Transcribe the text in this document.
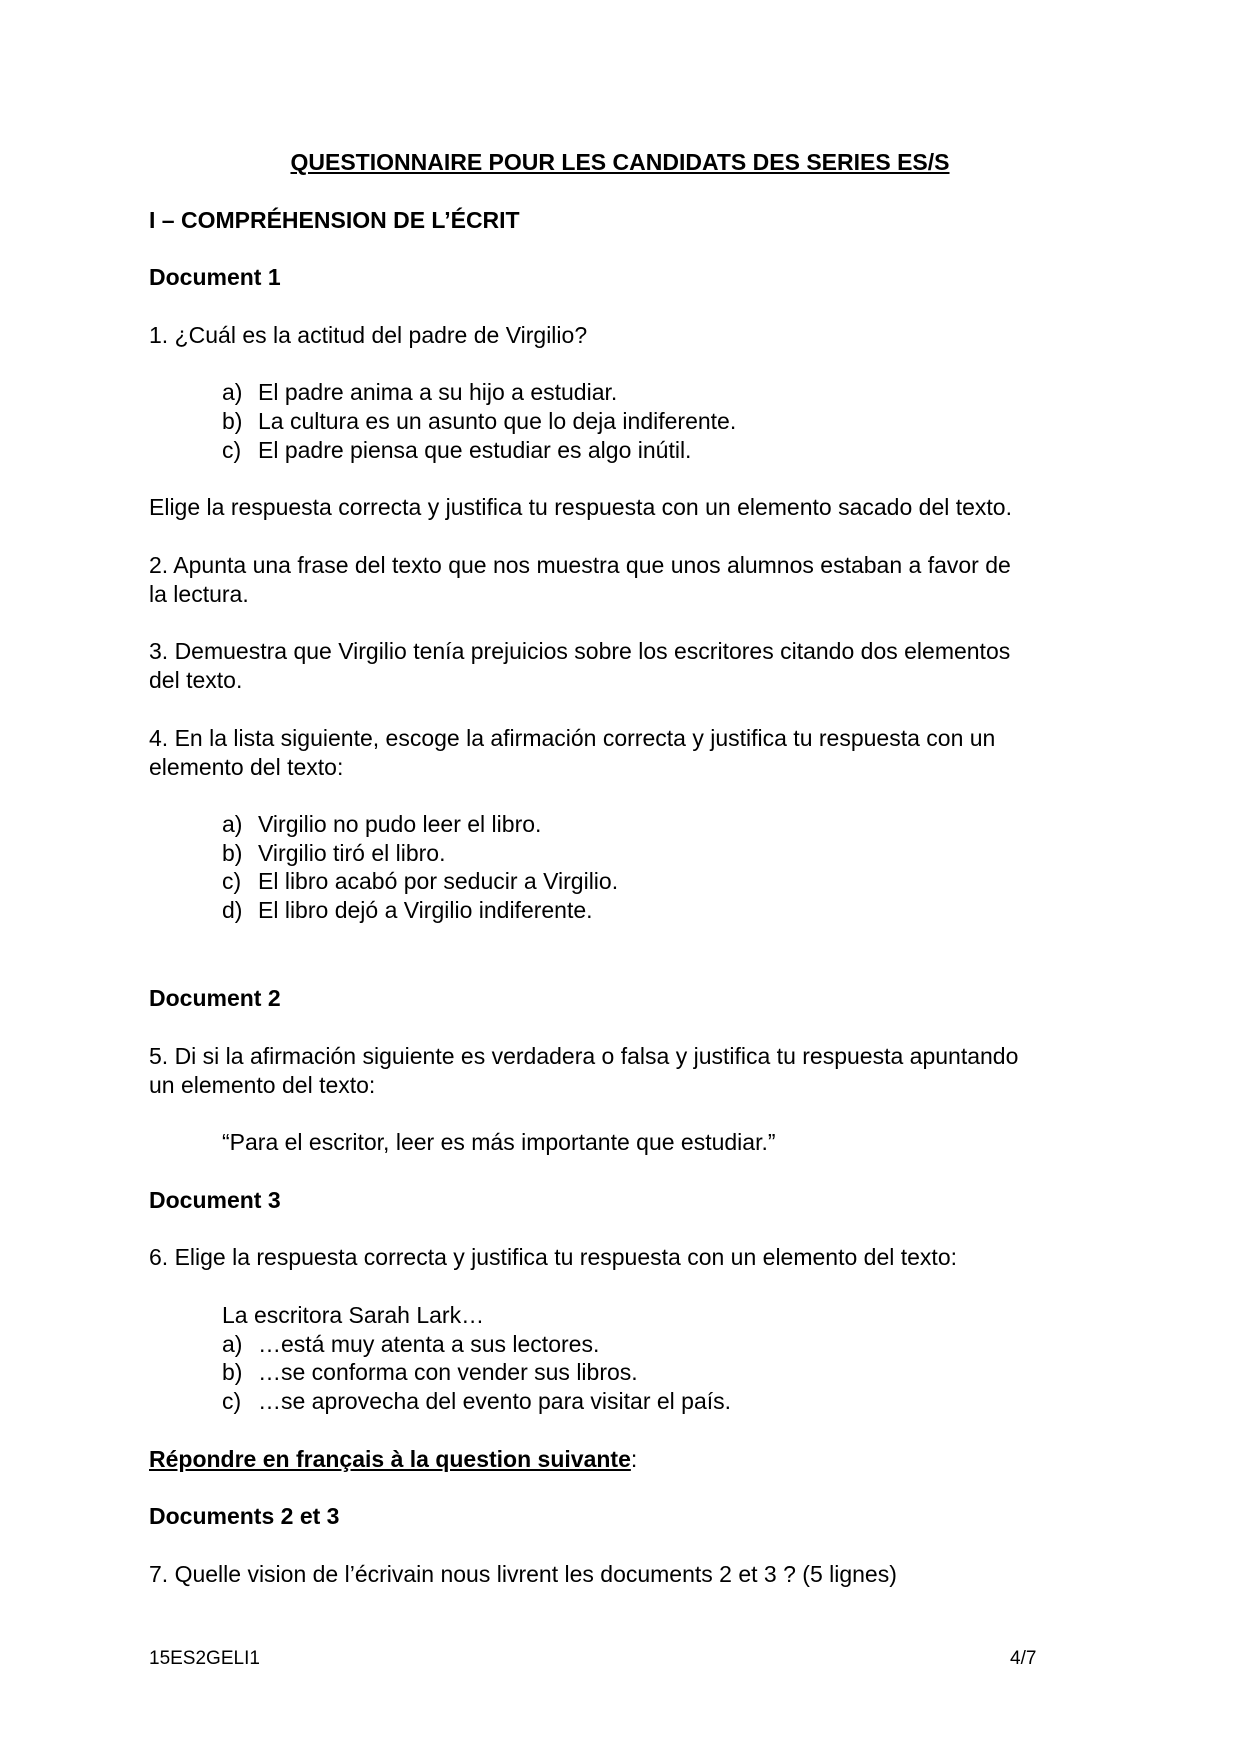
QUESTIONNAIRE POUR LES CANDIDATS DES SERIES ES/S
I – COMPRÉHENSION DE L’ÉCRIT
Document 1
1. ¿Cuál es la actitud del padre de Virgilio?
a) El padre anima a su hijo a estudiar.
b) La cultura es un asunto que lo deja indiferente.
c) El padre piensa que estudiar es algo inútil.
Elige la respuesta correcta y justifica tu respuesta con un elemento sacado del texto.
2. Apunta una frase del texto que nos muestra que unos alumnos estaban a favor de
la lectura.
3. Demuestra que Virgilio tenía prejuicios sobre los escritores citando dos elementos
del texto.
4. En la lista siguiente, escoge la afirmación correcta y justifica tu respuesta con un
elemento del texto:
a) Virgilio no pudo leer el libro.
b) Virgilio tiró el libro.
c) El libro acabó por seducir a Virgilio.
d) El libro dejó a Virgilio indiferente.
Document 2
5. Di si la afirmación siguiente es verdadera o falsa y justifica tu respuesta apuntando
un elemento del texto:
“Para el escritor, leer es más importante que estudiar.”
Document 3
6. Elige la respuesta correcta y justifica tu respuesta con un elemento del texto:
La escritora Sarah Lark…
a) …está muy atenta a sus lectores.
b) …se conforma con vender sus libros.
c) …se aprovecha del evento para visitar el país.
Répondre en français à la question suivante:
Documents 2 et 3
7. Quelle vision de l’écrivain nous livrent les documents 2 et 3 ? (5 lignes)
15ES2GELI1	4/7
